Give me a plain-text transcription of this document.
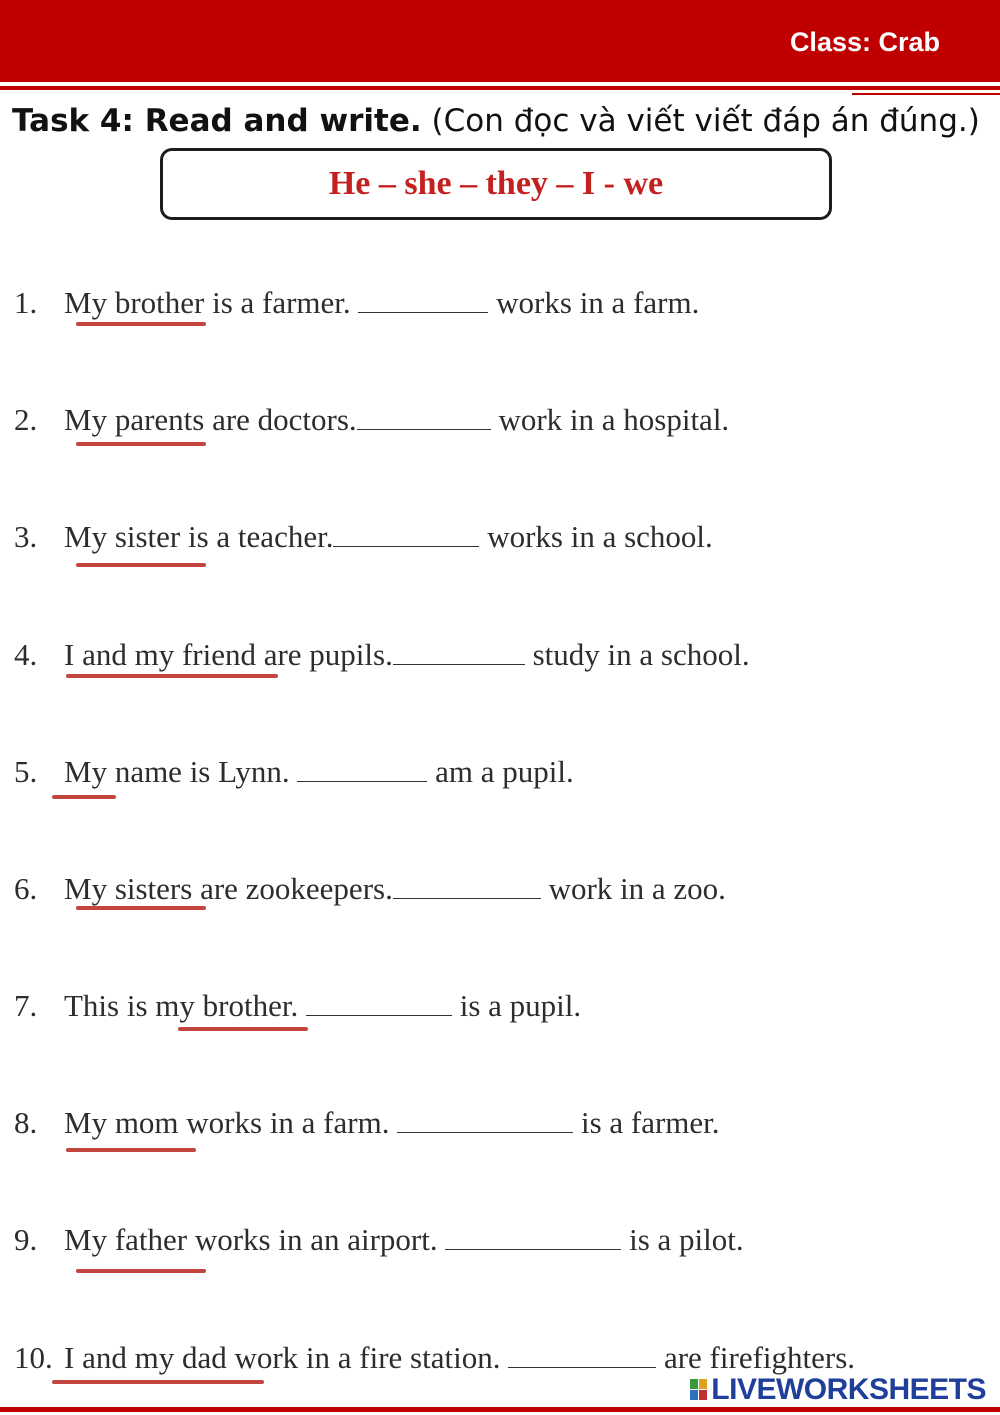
Class: Crab
Task 4: Read and write. (Con đọc và viết viết đáp án đúng.)
He – she – they – I - we
1. My brother is a farmer.	works in a farm.
2. My parents are doctors.	work in a hospital.
3. My sister is a teacher.	works in a school.
4. I and my friend are pupils.	study in a school.
5. My name is Lynn.	am a pupil.
6. My sisters are zookeepers.	work in a zoo.
7. This is my brother.	is a pupil.
8. My mom works in a farm.	is a farmer.
9. My father works in an airport.	is a pilot.
10. I and my dad work in a fire station.	are firefighters.
LIVEWORKSHEETS
